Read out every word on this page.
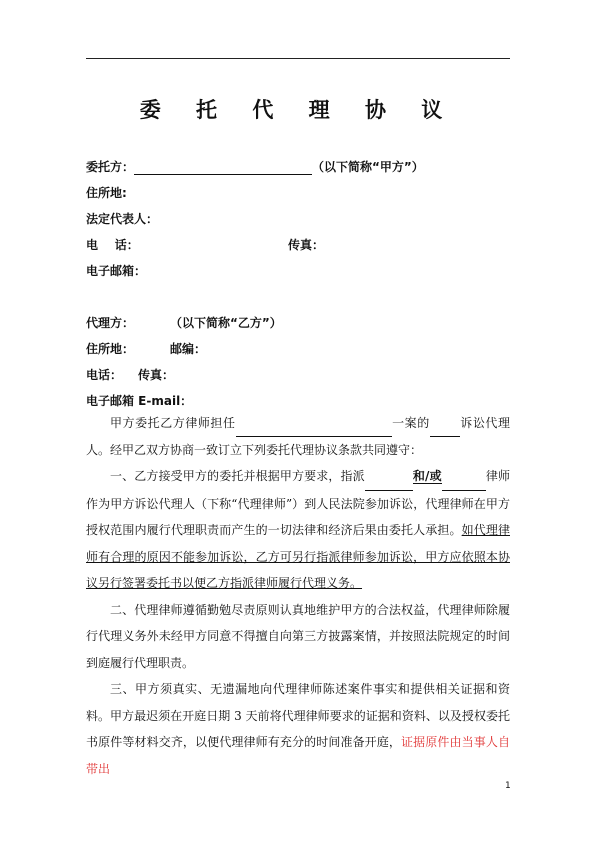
委 托 代 理 协 议
委托方：	（以下简称“甲方”）
住所地:
法定代表人：
电    话：	传真：
电子邮箱：
代理方：	（以下简称“乙方”）
住所地：	邮编：
电话： 传真：
电子邮箱 E-mail：

甲方委托乙方律师担任	一案的	诉讼代理人。经甲乙双方协商一致订立下列委托代理协议条款共同遵守：

一、乙方接受甲方的委托并根据甲方要求，指派	和/或	律师作为甲方诉讼代理人（下称“代理律师”）到人民法院参加诉讼，代理律师在甲方授权范围内履行代理职责而产生的一切法律和经济后果由委托人承担。如代理律师有合理的原因不能参加诉讼，乙方可另行指派律师参加诉讼，甲方应依照本协议另行签署委托书以便乙方指派律师履行代理义务。

二、代理律师遵循勤勉尽责原则认真地维护甲方的合法权益，代理律师除履行代理义务外未经甲方同意不得擅自向第三方披露案情，并按照法院规定的时间到庭履行代理职责。

三、甲方须真实、无遗漏地向代理律师陈述案件事实和提供相关证据和资料。甲方最迟须在开庭日期 3 天前将代理律师要求的证据和资料、以及授权委托书原件等材料交齐，以便代理律师有充分的时间准备开庭，证据原件由当事人自带出

1
